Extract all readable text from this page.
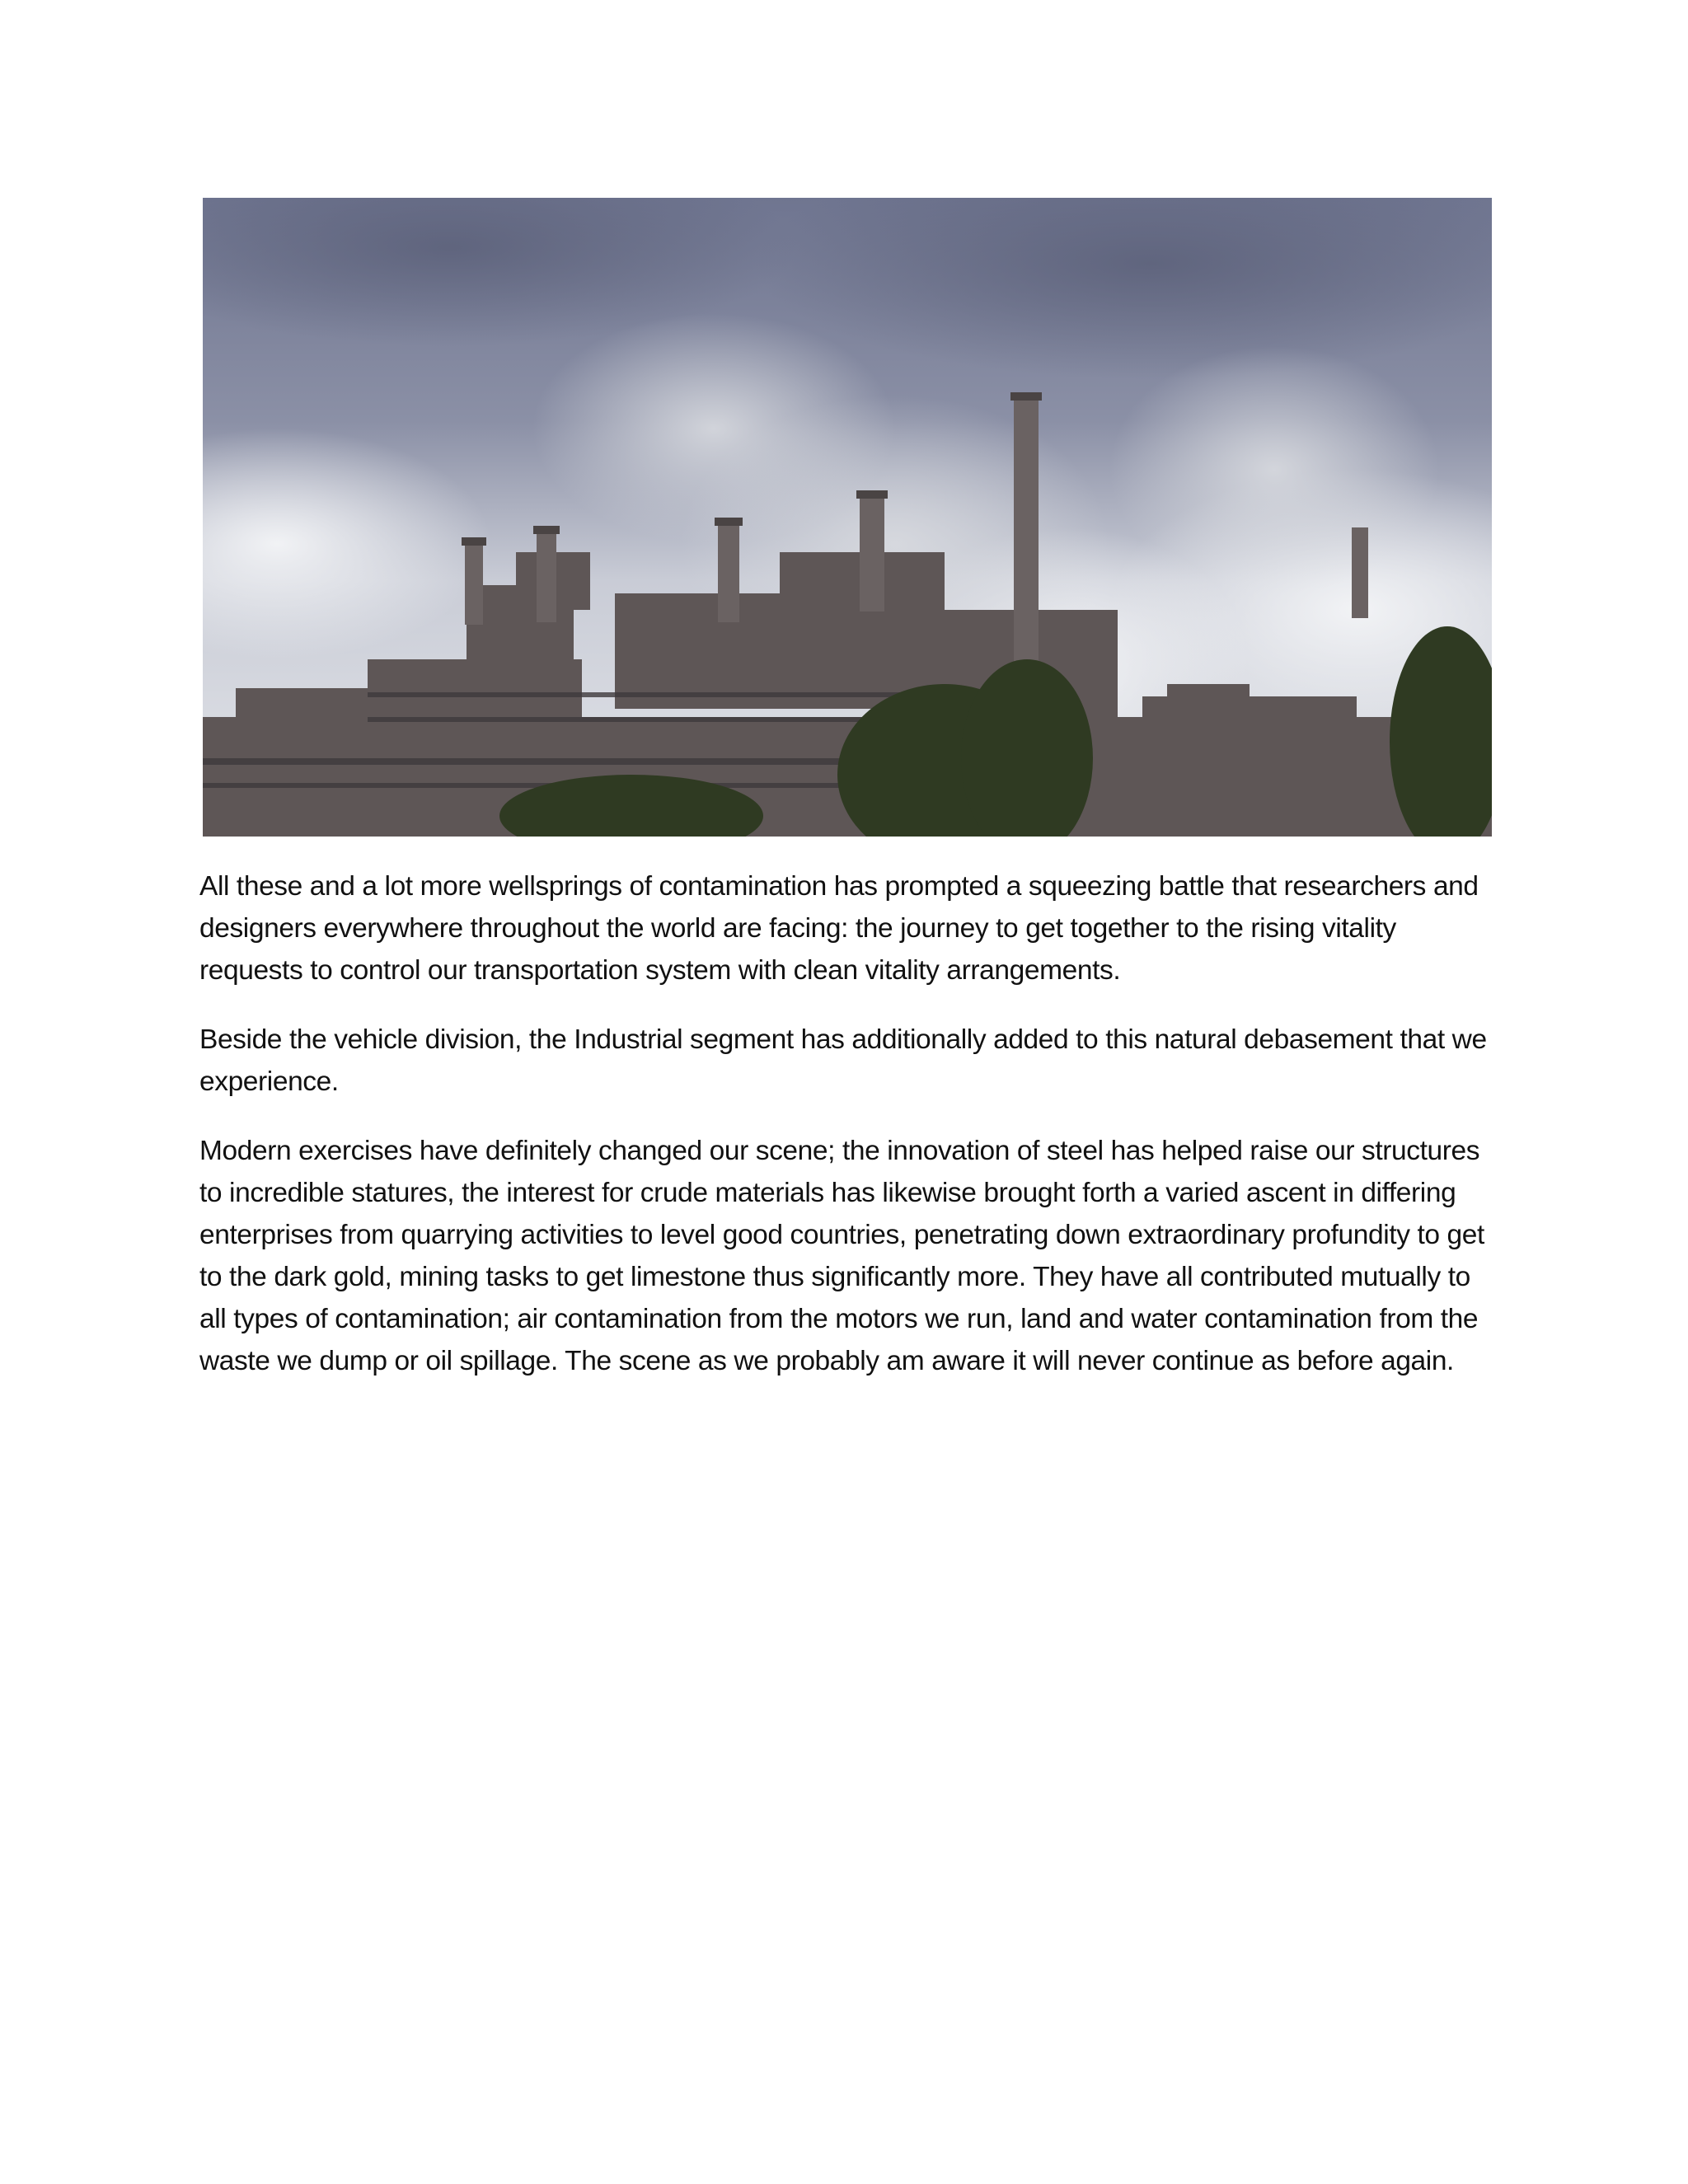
All these and a lot more wellsprings of contamination has prompted a squeezing battle that researchers and designers everywhere throughout the world are facing: the journey to get together to the rising vitality requests to control our transportation system with clean vitality arrangements.

Beside the vehicle division, the Industrial segment has additionally added to this natural debasement that we experience.

Modern exercises have definitely changed our scene; the innovation of steel has helped raise our structures to incredible statures, the interest for crude materials has likewise brought forth a varied ascent in differing enterprises from quarrying activities to level good countries, penetrating down extraordinary profundity to get to the dark gold, mining tasks to get limestone thus significantly more. They have all contributed mutually to all types of contamination; air contamination from the motors we run, land and water contamination from the waste we dump or oil spillage. The scene as we probably am aware it will never continue as before again.
